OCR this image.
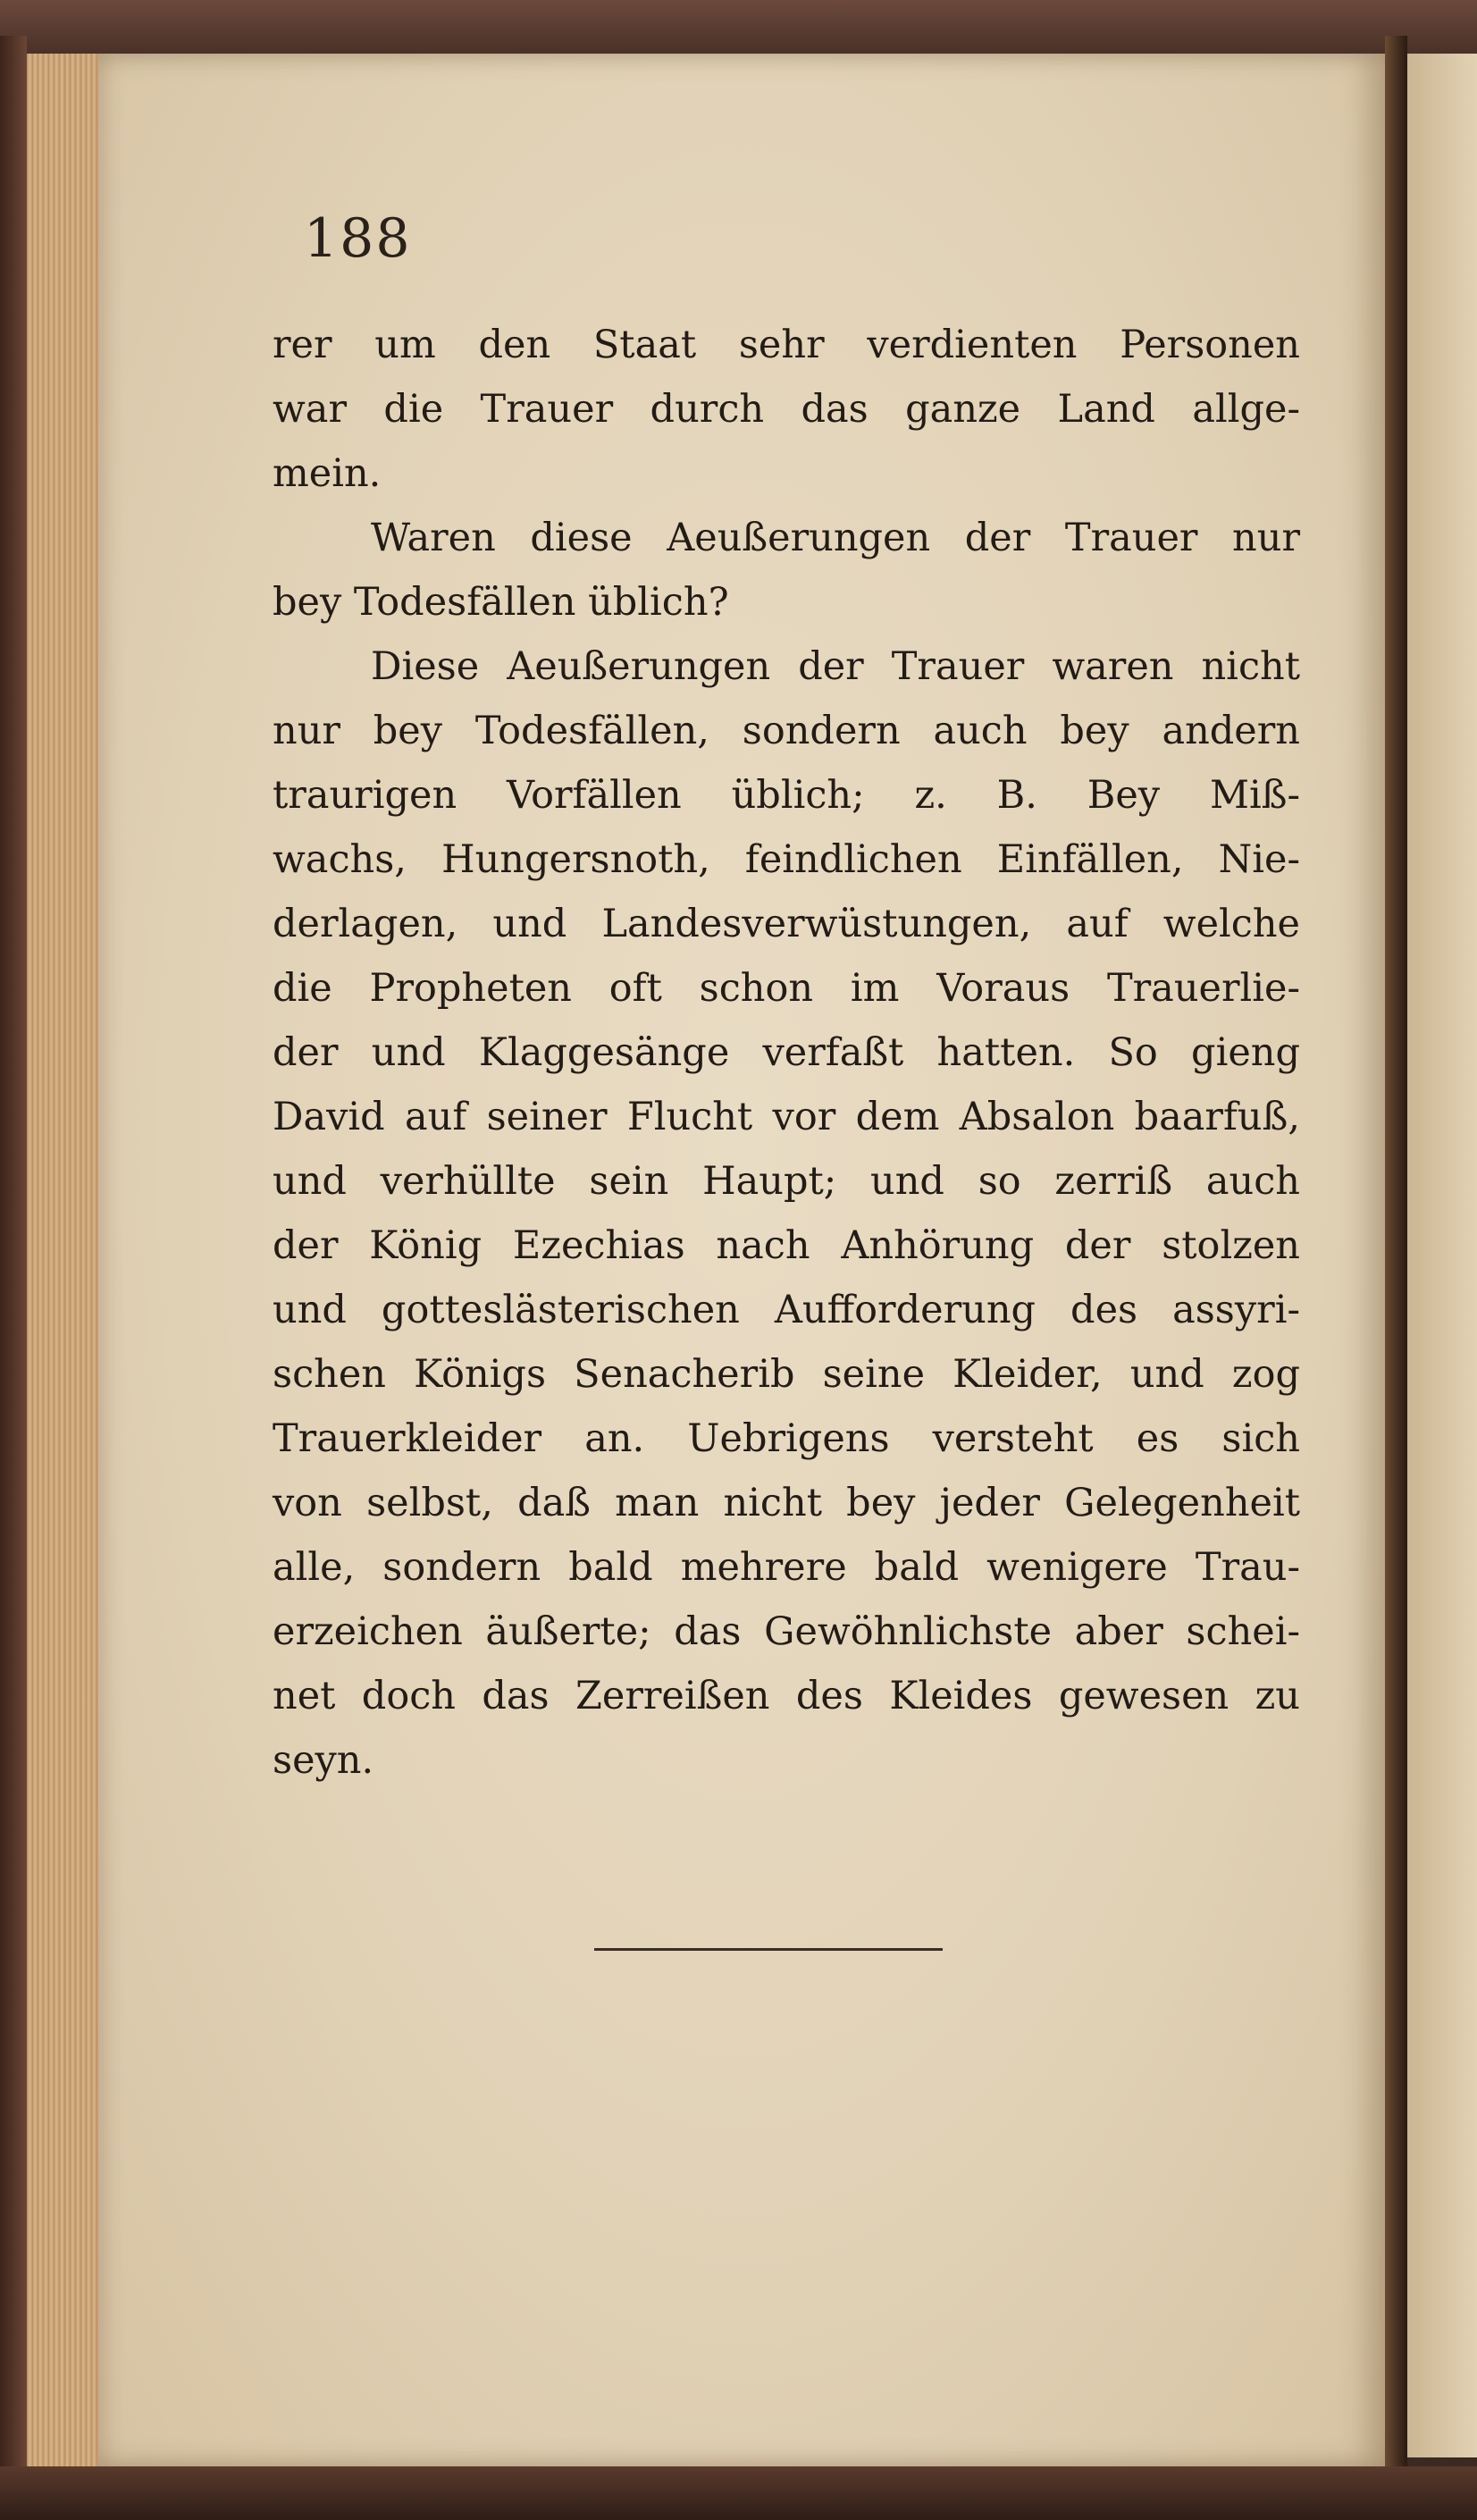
188
rer um den Staat sehr verdienten Personen
war die Trauer durch das ganze Land allge-
mein.
Waren diese Aeußerungen der Trauer nur
bey Todesfällen üblich?
Diese Aeußerungen der Trauer waren nicht
nur bey Todesfällen, sondern auch bey andern
traurigen Vorfällen üblich; z. B. Bey Miß-
wachs, Hungersnoth, feindlichen Einfällen, Nie-
derlagen, und Landesverwüstungen, auf welche
die Propheten oft schon im Voraus Trauerlie-
der und Klaggesänge verfaßt hatten. So gieng
David auf seiner Flucht vor dem Absalon baarfuß,
und verhüllte sein Haupt; und so zerriß auch
der König Ezechias nach Anhörung der stolzen
und gotteslästerischen Aufforderung des assyri-
schen Königs Senacherib seine Kleider, und zog
Trauerkleider an. Uebrigens versteht es sich
von selbst, daß man nicht bey jeder Gelegenheit
alle, sondern bald mehrere bald wenigere Trau-
erzeichen äußerte; das Gewöhnlichste aber schei-
net doch das Zerreißen des Kleides gewesen zu
seyn.
